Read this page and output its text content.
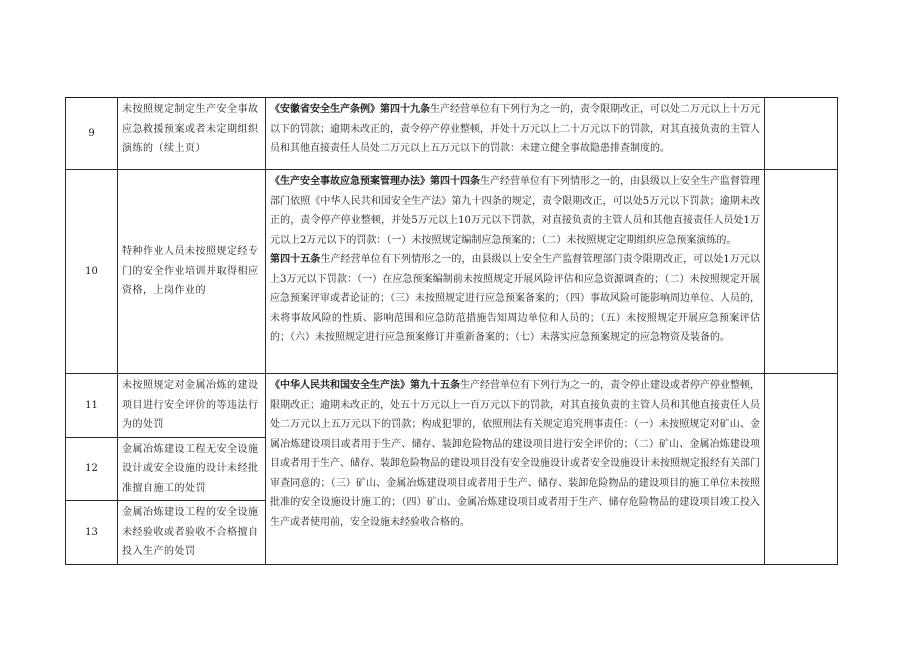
9	未按照规定制定生产安全事故应急救援预案或者未定期组织演练的（续上页）	《安徽省安全生产条例》第四十九条生产经营单位有下列行为之一的，责令限期改正，可以处二万元以上十万元以下的罚款；逾期未改正的，责令停产停业整顿，并处十万元以上二十万元以下的罚款，对其直接负责的主管人员和其他直接责任人员处二万元以上五万元以下的罚款：未建立健全事故隐患排查制度的。	
10	特种作业人员未按照规定经专门的安全作业培训并取得相应资格，上岗作业的	《生产安全事故应急预案管理办法》第四十四条生产经营单位有下列情形之一的，由县级以上安全生产监督管理部门依照《中华人民共和国安全生产法》第九十四条的规定，责令限期改正，可以处5万元以下罚款；逾期未改正的，责令停产停业整顿，并处5万元以上10万元以下罚款，对直接负责的主管人员和其他直接责任人员处1万元以上2万元以下的罚款：（一）未按照规定编制应急预案的；（二）未按照规定定期组织应急预案演练的。
第四十五条生产经营单位有下列情形之一的，由县级以上安全生产监督管理部门责令限期改正，可以处1万元以上3万元以下罚款：（一）在应急预案编制前未按照规定开展风险评估和应急资源调查的；（二）未按照规定开展应急预案评审或者论证的；（三）未按照规定进行应急预案备案的；（四）事故风险可能影响周边单位、人员的，未将事故风险的性质、影响范围和应急防范措施告知周边单位和人员的；（五）未按照规定开展应急预案评估的；（六）未按照规定进行应急预案修订并重新备案的；（七）未落实应急预案规定的应急物资及装备的。	

11	未按照规定对金属冶炼的建设项目进行安全评价的等违法行为的处罚	《中华人民共和国安全生产法》第九十五条生产经营单位有下列行为之一的，责令停止建设或者停产停业整顿，限期改正；逾期未改正的，处五十万元以上一百万元以下的罚款，对其直接负责的主管人员和其他直接责任人员处二万元以上五万元以下的罚款；构成犯罪的，依照刑法有关规定追究刑事责任：（一）未按照规定对矿山、金属冶炼建设项目或者用于生产、储存、装卸危险物品的建设项目进行安全评价的；（二）矿山、金属冶炼建设项目或者用于生产、储存、装卸危险物品的建设项目没有安全设施设计或者安全设施设计未按照规定报经有关部门审查同意的；（三）矿山、金属冶炼建设项目或者用于生产、储存、装卸危险物品的建设项目的施工单位未按照批准的安全设施设计施工的；（四）矿山、金属冶炼建设项目或者用于生产、储存危险物品的建设项目竣工投入生产或者使用前，安全设施未经验收合格的。	
12	金属冶炼建设工程无安全设施设计或安全设施的设计未经批准擅自施工的处罚		
13	金属冶炼建设工程的安全设施未经验收或者验收不合格擅自投入生产的处罚		
